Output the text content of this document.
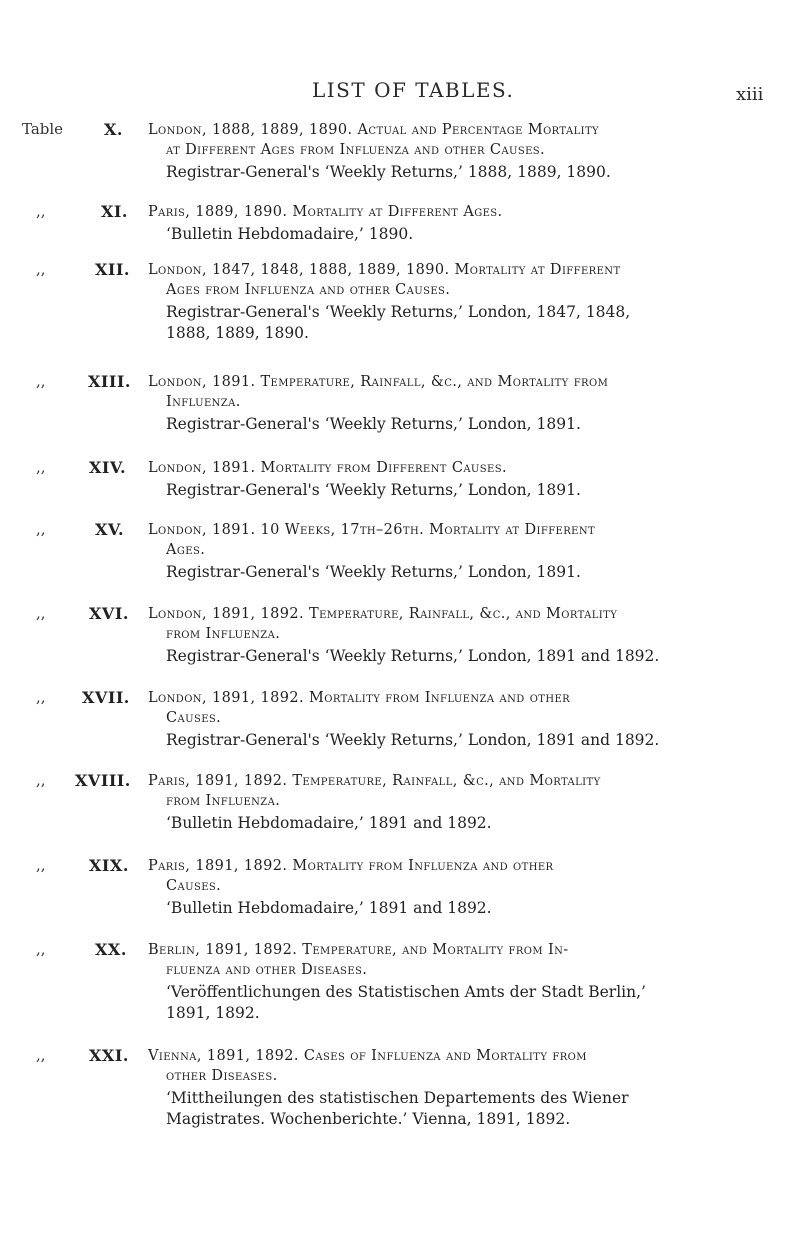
LIST OF TABLES.	xiii
Table	X. London, 1888, 1889, 1890. Actual and Percentage Mortality
at Different Ages from Influenza and other Causes.
Registrar-General's ‘Weekly Returns,’ 1888, 1889, 1890.
,,	XI. Paris, 1889, 1890. Mortality at Different Ages.
‘Bulletin Hebdomadaire,’ 1890.
,,	XII. London, 1847, 1848, 1888, 1889, 1890. Mortality at Different
Ages from Influenza and other Causes.
Registrar-General's ‘Weekly Returns,’ London, 1847, 1848,
1888, 1889, 1890.
,,	XIII. London, 1891. Temperature, Rainfall, &c., and Mortality from
Influenza.
Registrar-General's ‘Weekly Returns,’ London, 1891.
,,	XIV. London, 1891. Mortality from Different Causes.
Registrar-General's ‘Weekly Returns,’ London, 1891.
,,	XV. London, 1891. 10 Weeks, 17th–26th. Mortality at Different
Ages.
Registrar-General's ‘Weekly Returns,’ London, 1891.
,,	XVI. London, 1891, 1892. Temperature, Rainfall, &c., and Mortality
from Influenza.
Registrar-General's ‘Weekly Returns,’ London, 1891 and 1892.
,, XVII. London, 1891, 1892. Mortality from Influenza and other
Causes.
Registrar-General's ‘Weekly Returns,’ London, 1891 and 1892.
,, XVIII. Paris, 1891, 1892. Temperature, Rainfall, &c., and Mortality
from Influenza.
‘Bulletin Hebdomadaire,’ 1891 and 1892.
,,	XIX. Paris, 1891, 1892. Mortality from Influenza and other
Causes.
‘Bulletin Hebdomadaire,’ 1891 and 1892.
,,	XX. Berlin, 1891, 1892. Temperature, and Mortality from In-
fluenza and other Diseases.
‘Veröffentlichungen des Statistischen Amts der Stadt Berlin,’
1891, 1892.
,,	XXI. Vienna, 1891, 1892. Cases of Influenza and Mortality from
other Diseases.
‘Mittheilungen des statistischen Departements des Wiener
Magistrates. Wochenberichte.’ Vienna, 1891, 1892.
